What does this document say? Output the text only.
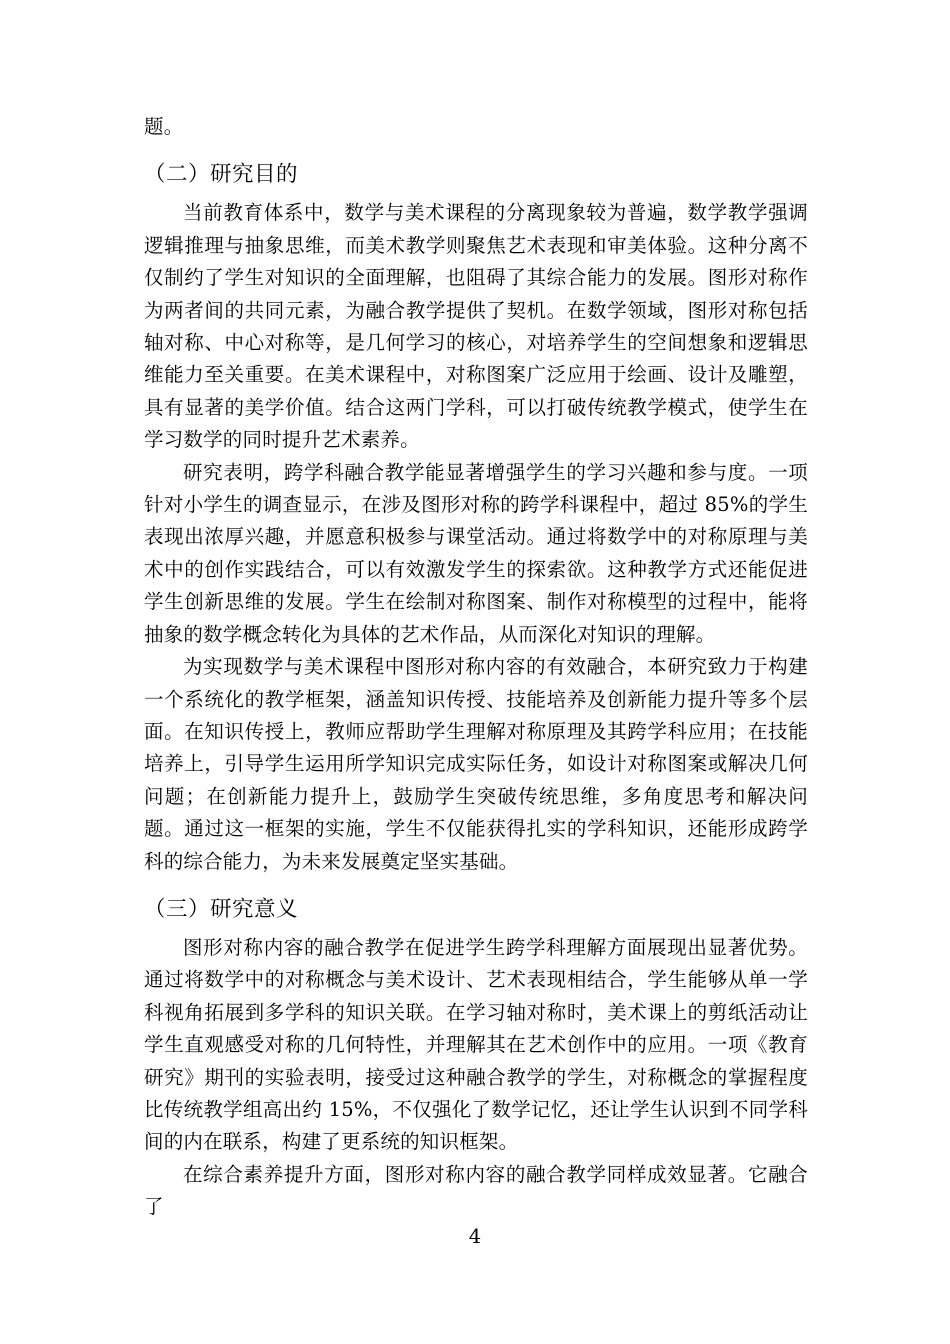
题。

（二）研究目的

当前教育体系中，数学与美术课程的分离现象较为普遍，数学教学强调逻辑推理与抽象思维，而美术教学则聚焦艺术表现和审美体验。这种分离不仅制约了学生对知识的全面理解，也阻碍了其综合能力的发展。图形对称作为两者间的共同元素，为融合教学提供了契机。在数学领域，图形对称包括轴对称、中心对称等，是几何学习的核心，对培养学生的空间想象和逻辑思维能力至关重要。在美术课程中，对称图案广泛应用于绘画、设计及雕塑，具有显著的美学价值。结合这两门学科，可以打破传统教学模式，使学生在学习数学的同时提升艺术素养。

研究表明，跨学科融合教学能显著增强学生的学习兴趣和参与度。一项针对小学生的调查显示，在涉及图形对称的跨学科课程中，超过 85%的学生表现出浓厚兴趣，并愿意积极参与课堂活动。通过将数学中的对称原理与美术中的创作实践结合，可以有效激发学生的探索欲。这种教学方式还能促进学生创新思维的发展。学生在绘制对称图案、制作对称模型的过程中，能将抽象的数学概念转化为具体的艺术作品，从而深化对知识的理解。

为实现数学与美术课程中图形对称内容的有效融合，本研究致力于构建一个系统化的教学框架，涵盖知识传授、技能培养及创新能力提升等多个层面。在知识传授上，教师应帮助学生理解对称原理及其跨学科应用；在技能培养上，引导学生运用所学知识完成实际任务，如设计对称图案或解决几何问题；在创新能力提升上，鼓励学生突破传统思维，多角度思考和解决问题。通过这一框架的实施，学生不仅能获得扎实的学科知识，还能形成跨学科的综合能力，为未来发展奠定坚实基础。

（三）研究意义

图形对称内容的融合教学在促进学生跨学科理解方面展现出显著优势。通过将数学中的对称概念与美术设计、艺术表现相结合，学生能够从单一学科视角拓展到多学科的知识关联。在学习轴对称时，美术课上的剪纸活动让学生直观感受对称的几何特性，并理解其在艺术创作中的应用。一项《教育研究》期刊的实验表明，接受过这种融合教学的学生，对称概念的掌握程度比传统教学组高出约 15%，不仅强化了数学记忆，还让学生认识到不同学科间的内在联系，构建了更系统的知识框架。

在综合素养提升方面，图形对称内容的融合教学同样成效显著。它融合了

4
